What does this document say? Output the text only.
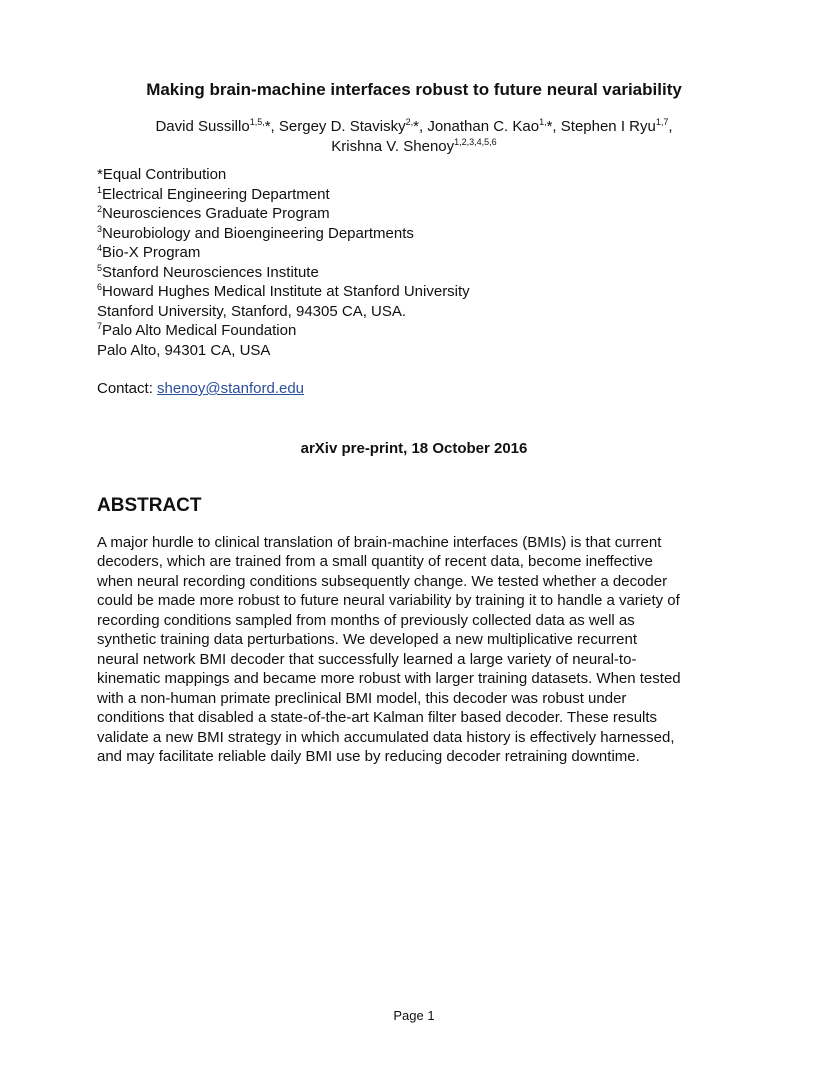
Making brain-machine interfaces robust to future neural variability
David Sussillo$^{1,5,}$*, Sergey D. Stavisky$^{2,}$*, Jonathan C. Kao$^{1,}$*, Stephen I Ryu$^{1,7}$,
Krishna V. Shenoy$^{1,2,3,4,5,6}$
*Equal Contribution
$^1$Electrical Engineering Department
$^2$Neurosciences Graduate Program
$^3$Neurobiology and Bioengineering Departments
$^4$Bio-X Program
$^5$Stanford Neurosciences Institute
$^6$Howard Hughes Medical Institute at Stanford University
Stanford University, Stanford, 94305 CA, USA.
$^7$Palo Alto Medical Foundation
Palo Alto, 94301 CA, USA
Contact: shenoy@stanford.edu
arXiv pre-print, 18 October 2016
ABSTRACT
A major hurdle to clinical translation of brain-machine interfaces (BMIs) is that current
decoders, which are trained from a small quantity of recent data, become ineffective
when neural recording conditions subsequently change. We tested whether a decoder
could be made more robust to future neural variability by training it to handle a variety of
recording conditions sampled from months of previously collected data as well as
synthetic training data perturbations. We developed a new multiplicative recurrent
neural network BMI decoder that successfully learned a large variety of neural-to-
kinematic mappings and became more robust with larger training datasets. When tested
with a non-human primate preclinical BMI model, this decoder was robust under
conditions that disabled a state-of-the-art Kalman filter based decoder. These results
validate a new BMI strategy in which accumulated data history is effectively harnessed,
and may facilitate reliable daily BMI use by reducing decoder retraining downtime.
Page 1
